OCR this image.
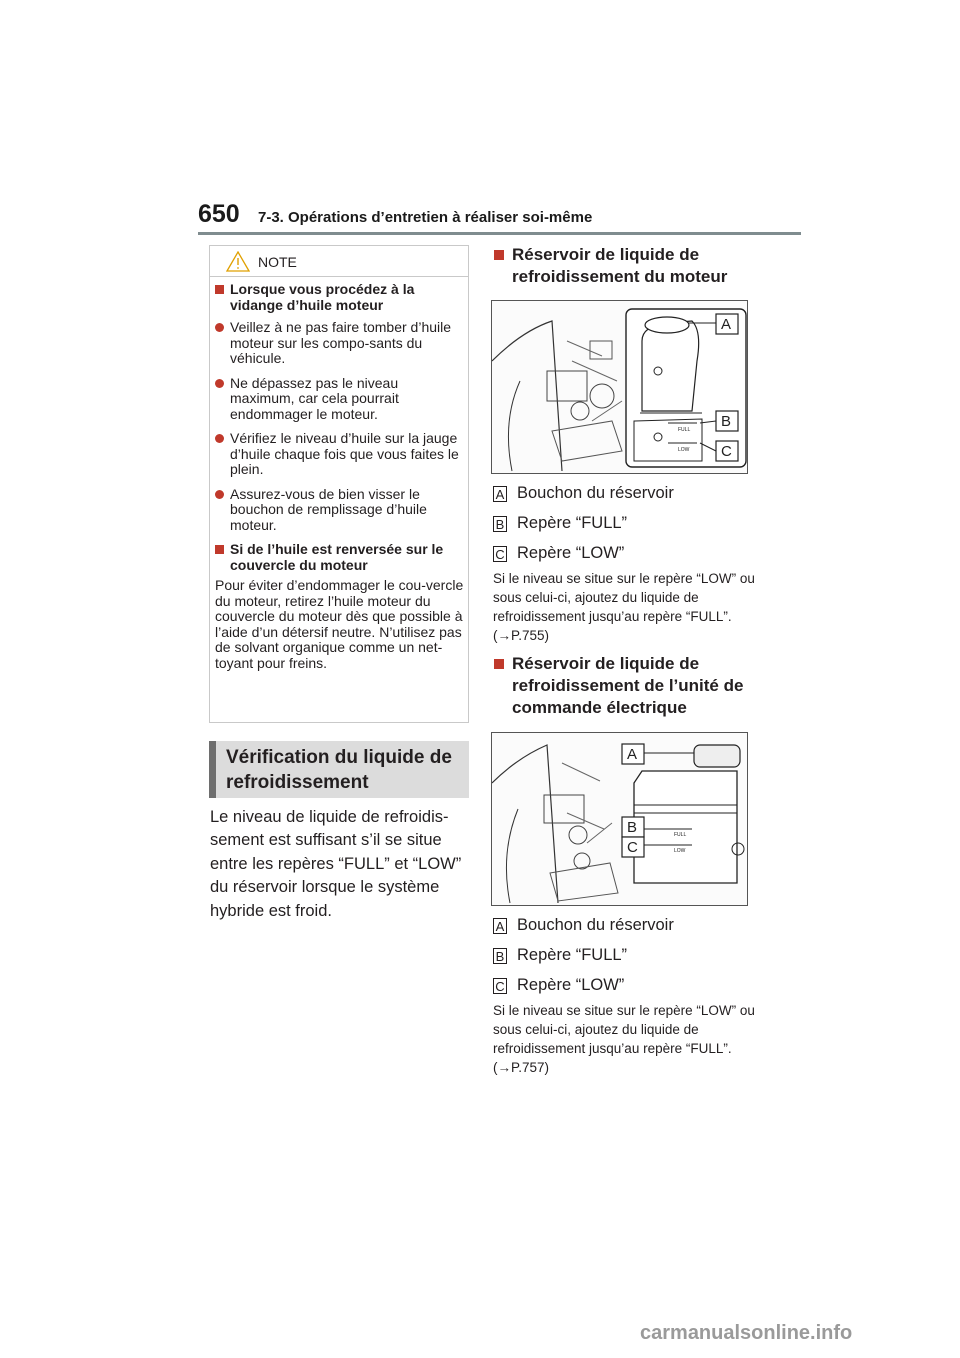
650 7-3. Opérations d’entretien à réaliser soi-même
NOTE
Lorsque vous procédez à la vidange d’huile moteur
Veillez à ne pas faire tomber d’huile moteur sur les compo-sants du véhicule.
Ne dépassez pas le niveau maximum, car cela pourrait endommager le moteur.
Vérifiez le niveau d’huile sur la jauge d’huile chaque fois que vous faites le plein.
Assurez-vous de bien visser le bouchon de remplissage d’huile moteur.
Si de l’huile est renversée sur le couvercle du moteur
Pour éviter d’endommager le cou-vercle du moteur, retirez l’huile moteur du couvercle du moteur dès que possible à l’aide d’un détersif neutre. N’utilisez pas de solvant organique comme un net-toyant pour freins.
Vérification du liquide de refroidissement
Le niveau de liquide de refroidis-sement est suffisant s’il se situe entre les repères “FULL” et “LOW” du réservoir lorsque le système hybride est froid.
Réservoir de liquide de refroidissement du moteur
FULL
LOW
A
B
C
A Bouchon du réservoir
B Repère “FULL”
C Repère “LOW”
Si le niveau se situe sur le repère “LOW” ou sous celui-ci, ajoutez du liquide de refroidissement jusqu’au repère “FULL”. (→P.755)
Réservoir de liquide de refroidissement de l’unité de commande électrique
FULL
LOW
A
B
C
A Bouchon du réservoir
B Repère “FULL”
C Repère “LOW”
Si le niveau se situe sur le repère “LOW” ou sous celui-ci, ajoutez du liquide de refroidissement jusqu’au repère “FULL”. (→P.757)
carmanualsonline.info
